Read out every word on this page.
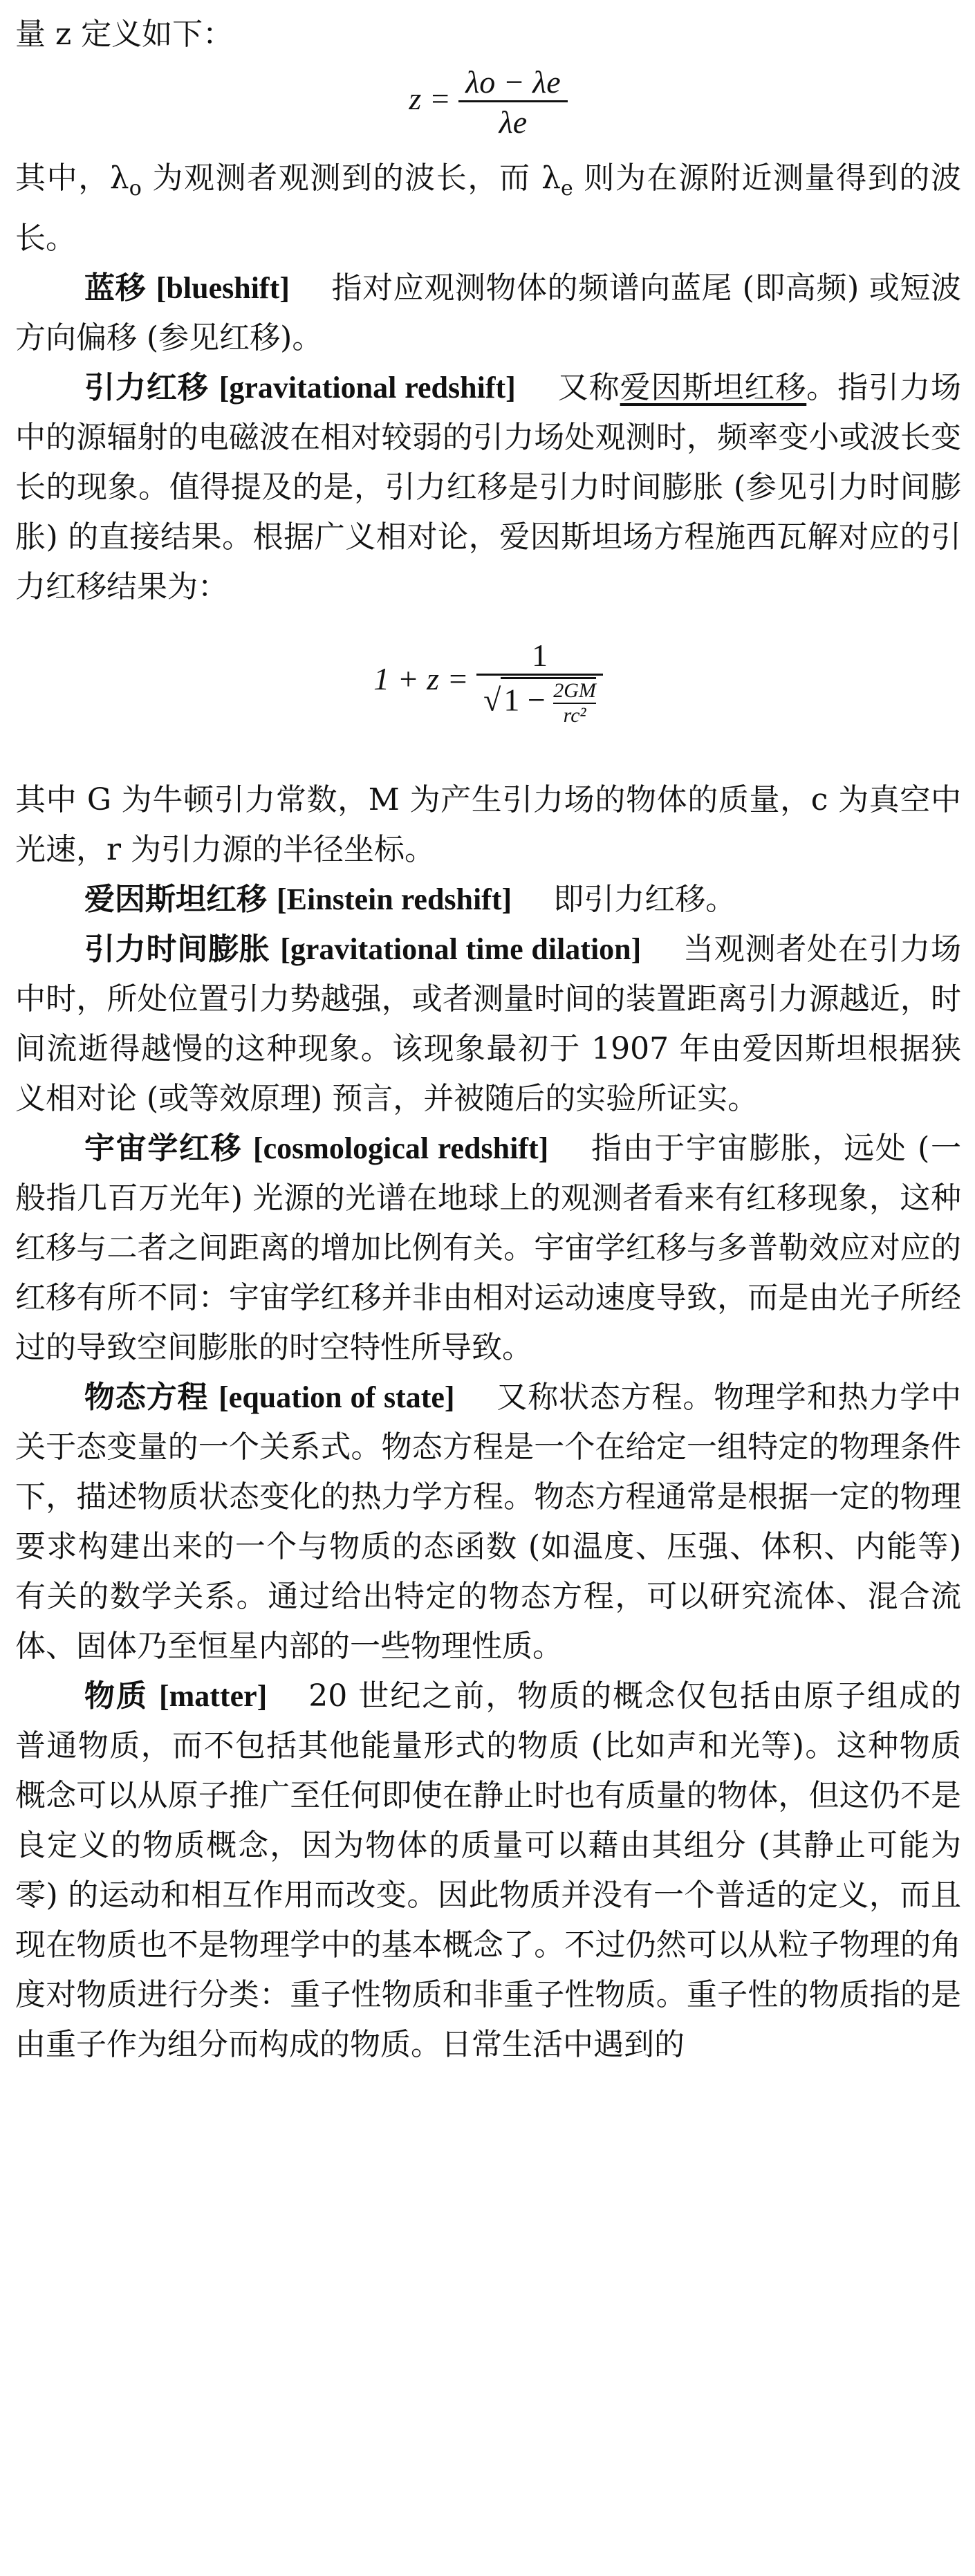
量 z 定义如下：

$z = \frac{\lambda o - \lambda e}{\lambda e}$

其中，$\lambda_o$ 为观测者观测到的波长，而 $\lambda_e$ 则为在源附近测量得到的波长。

蓝移 [blueshift] 指对应观测物体的频谱向蓝尾 (即高频) 或短波方向偏移 (参见红移)。

引力红移 [gravitational redshift] 又称爱因斯坦红移。指引力场中的源辐射的电磁波在相对较弱的引力场处观测时，频率变小或波长变长的现象。值得提及的是，引力红移是引力时间膨胀 (参见引力时间膨胀) 的直接结果。根据广义相对论，爱因斯坦场方程施西瓦解对应的引力红移结果为：

$1 + z = \frac{1}{√1 - \frac{2GM}{\text{rc²}}}$

其中 G 为牛顿引力常数，M 为产生引力场的物体的质量，c 为真空中光速，r 为引力源的半径坐标。

爱因斯坦红移 [Einstein redshift] 即引力红移。

引力时间膨胀 [gravitational time dilation] 当观测者处在引力场中时，所处位置引力势越强，或者测量时间的装置距离引力源越近，时间流逝得越慢的这种现象。该现象最初于 1907 年由爱因斯坦根据狭义相对论 (或等效原理) 预言，并被随后的实验所证实。

宇宙学红移 [cosmological redshift] 指由于宇宙膨胀，远处 (一般指几百万光年) 光源的光谱在地球上的观测者看来有红移现象，这种红移与二者之间距离的增加比例有关。宇宙学红移与多普勒效应对应的红移有所不同：宇宙学红移并非由相对运动速度导致，而是由光子所经过的导致空间膨胀的时空特性所导致。

物态方程 [equation of state] 又称状态方程。物理学和热力学中关于态变量的一个关系式。物态方程是一个在给定一组特定的物理条件下，描述物质状态变化的热力学方程。物态方程通常是根据一定的物理要求构建出来的一个与物质的态函数 (如温度、压强、体积、内能等) 有关的数学关系。通过给出特定的物态方程，可以研究流体、混合流体、固体乃至恒星内部的一些物理性质。

物质 [matter] 20 世纪之前，物质的概念仅包括由原子组成的普通物质，而不包括其他能量形式的物质 (比如声和光等)。这种物质概念可以从原子推广至任何即使在静止时也有质量的物体，但这仍不是良定义的物质概念，因为物体的质量可以藉由其组分 (其静止可能为零) 的运动和相互作用而改变。因此物质并没有一个普适的定义，而且现在物质也不是物理学中的基本概念了。不过仍然可以从粒子物理的角度对物质进行分类：重子性物质和非重子性物质。重子性的物质指的是由重子作为组分而构成的物质。日常生活中遇到的
